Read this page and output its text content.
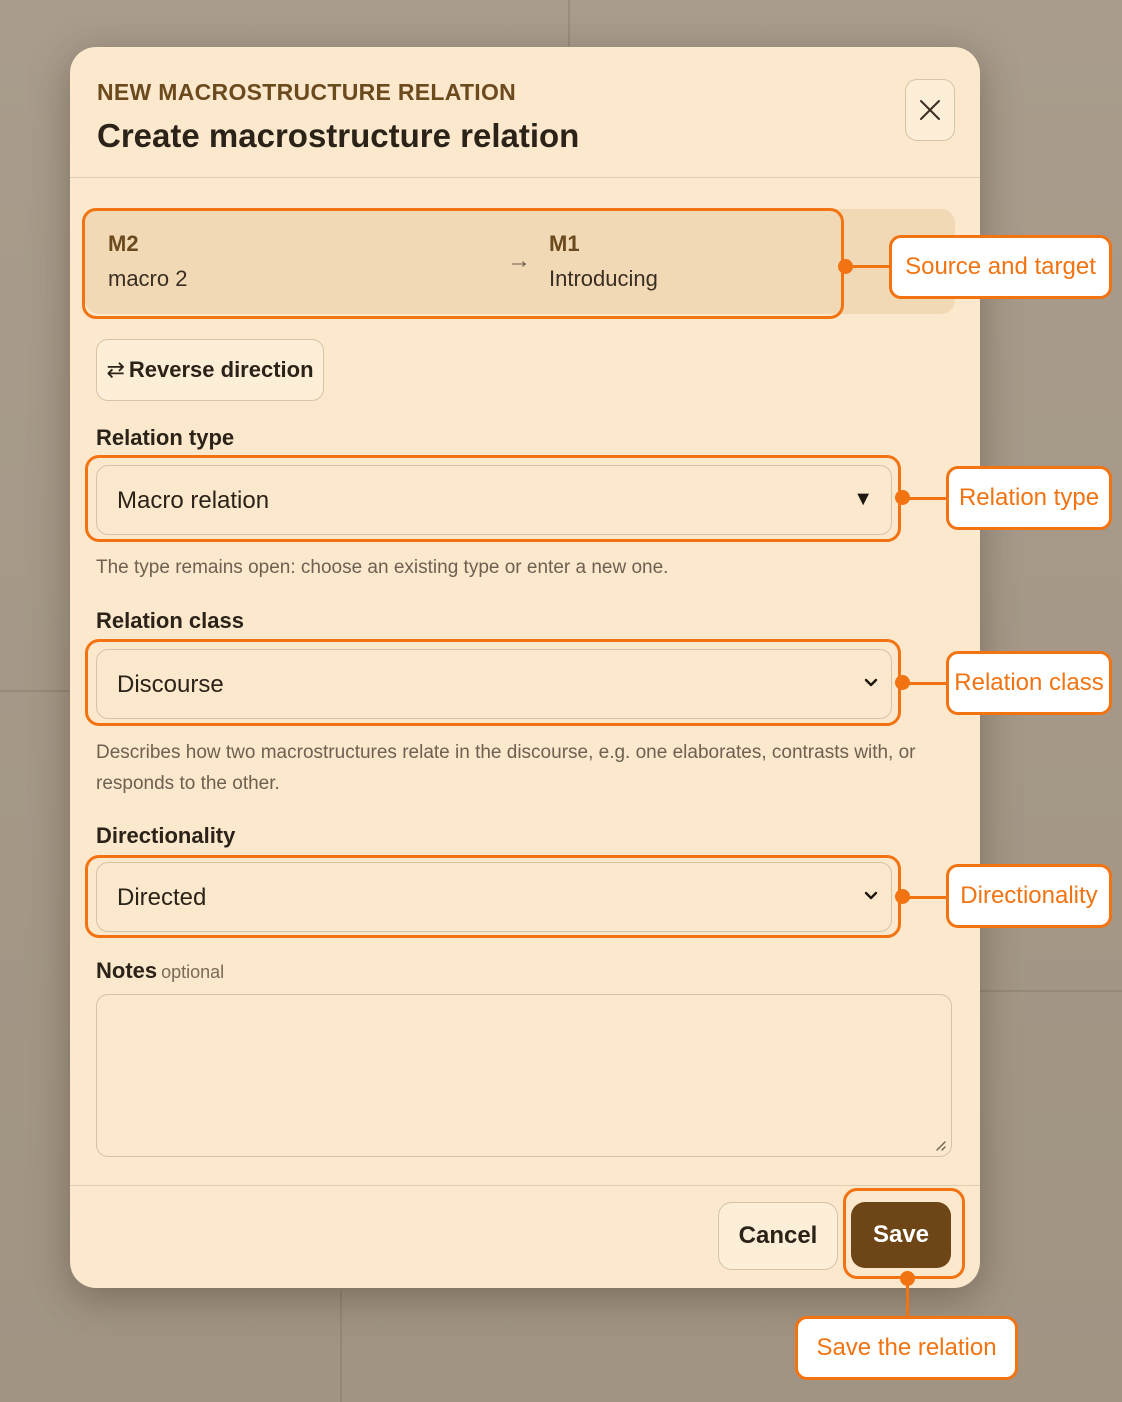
NEW MACROSTRUCTURE RELATION
Create macrostructure relation
M2
macro 2
→
M1
Introducing
⇄ Reverse direction
Relation type
Macro relation	▼
The type remains open: choose an existing type or enter a new one.
Relation class
Discourse
Describes how two macrostructures relate in the discourse, e.g. one elaborates, contrasts with, or responds to the other.
Directionality
Directed
Notes optional
Cancel	Save
Source and target
Relation type
Relation class
Directionality
Save the relation
